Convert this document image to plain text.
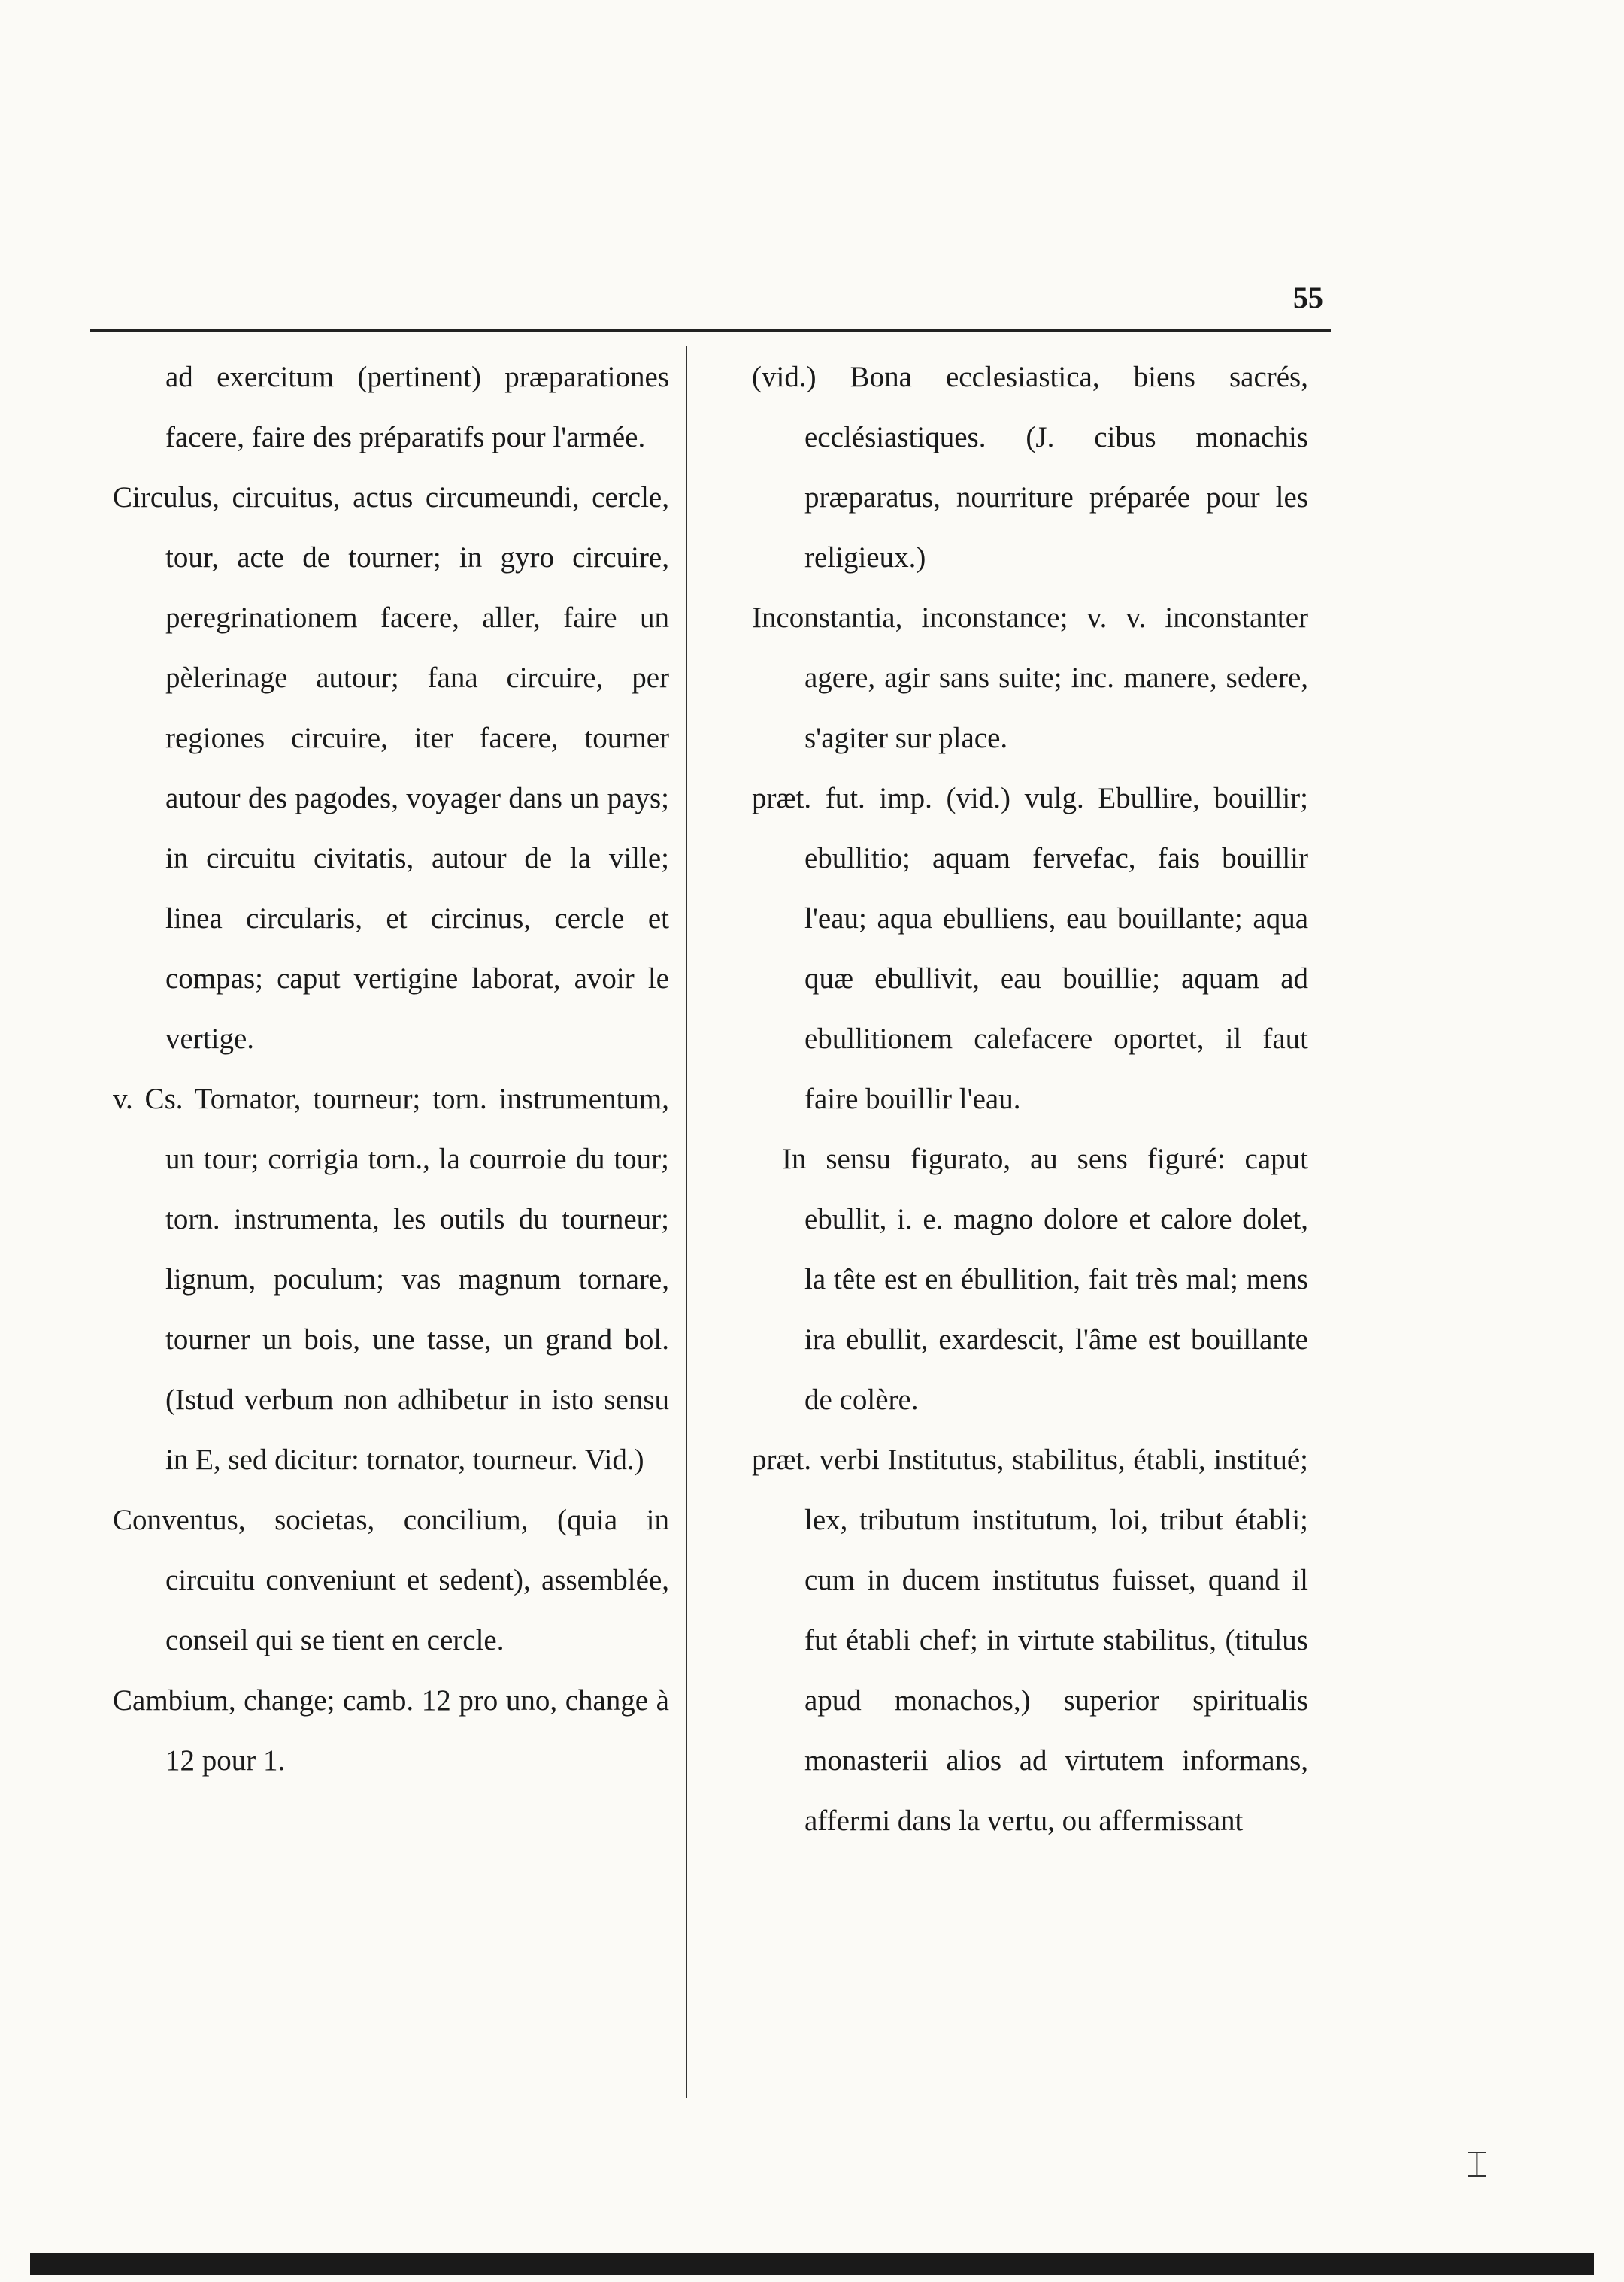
55

ad exercitum (pertinent) præparationes facere, faire des préparatifs pour l'armée.

Circulus, circuitus, actus circumeundi, cercle, tour, acte de tourner; in gyro circuire, peregrinationem facere, aller, faire un pèlerinage autour; fana circuire, per regiones circuire, iter facere, tourner autour des pagodes, voyager dans un pays; in circuitu civitatis, autour de la ville; linea circularis, et circinus, cercle et compas; caput vertigine laborat, avoir le vertige.

v. Cs. Tornator, tourneur; torn. instrumentum, un tour; corrigia torn., la courroie du tour; torn. instrumenta, les outils du tourneur; lignum, poculum; vas magnum tornare, tourner un bois, une tasse, un grand bol. (Istud verbum non adhibetur in isto sensu in E, sed dicitur: tornator, tourneur. Vid.)

Conventus, societas, concilium, (quia in circuitu conveniunt et sedent), assemblée, conseil qui se tient en cercle.

Cambium, change; camb. 12 pro uno, change à 12 pour 1.

(vid.) Bona ecclesiastica, biens sacrés, ecclésiastiques. (J. cibus monachis præparatus, nourriture préparée pour les religieux.)

Inconstantia, inconstance; v. v. inconstanter agere, agir sans suite; inc. manere, sedere, s'agiter sur place.

præt. fut. imp. (vid.) vulg. Ebullire, bouillir; ebullitio; aquam fervefac, fais bouillir l'eau; aqua ebulliens, eau bouillante; aqua quæ ebullivit, eau bouillie; aquam ad ebullitionem calefacere oportet, il faut faire bouillir l'eau.

In sensu figurato, au sens figuré: caput ebullit, i. e. magno dolore et calore dolet, la tête est en ébullition, fait très mal; mens ira ebullit, exardescit, l'âme est bouillante de colère.

præt. verbi Institutus, stabilitus, établi, institué; lex, tributum institutum, loi, tribut établi; cum in ducem institutus fuisset, quand il fut établi chef; in virtute stabilitus, (titulus apud monachos,) superior spiritualis monasterii alios ad virtutem informans, affermi dans la vertu, ou affermissant

⌶
